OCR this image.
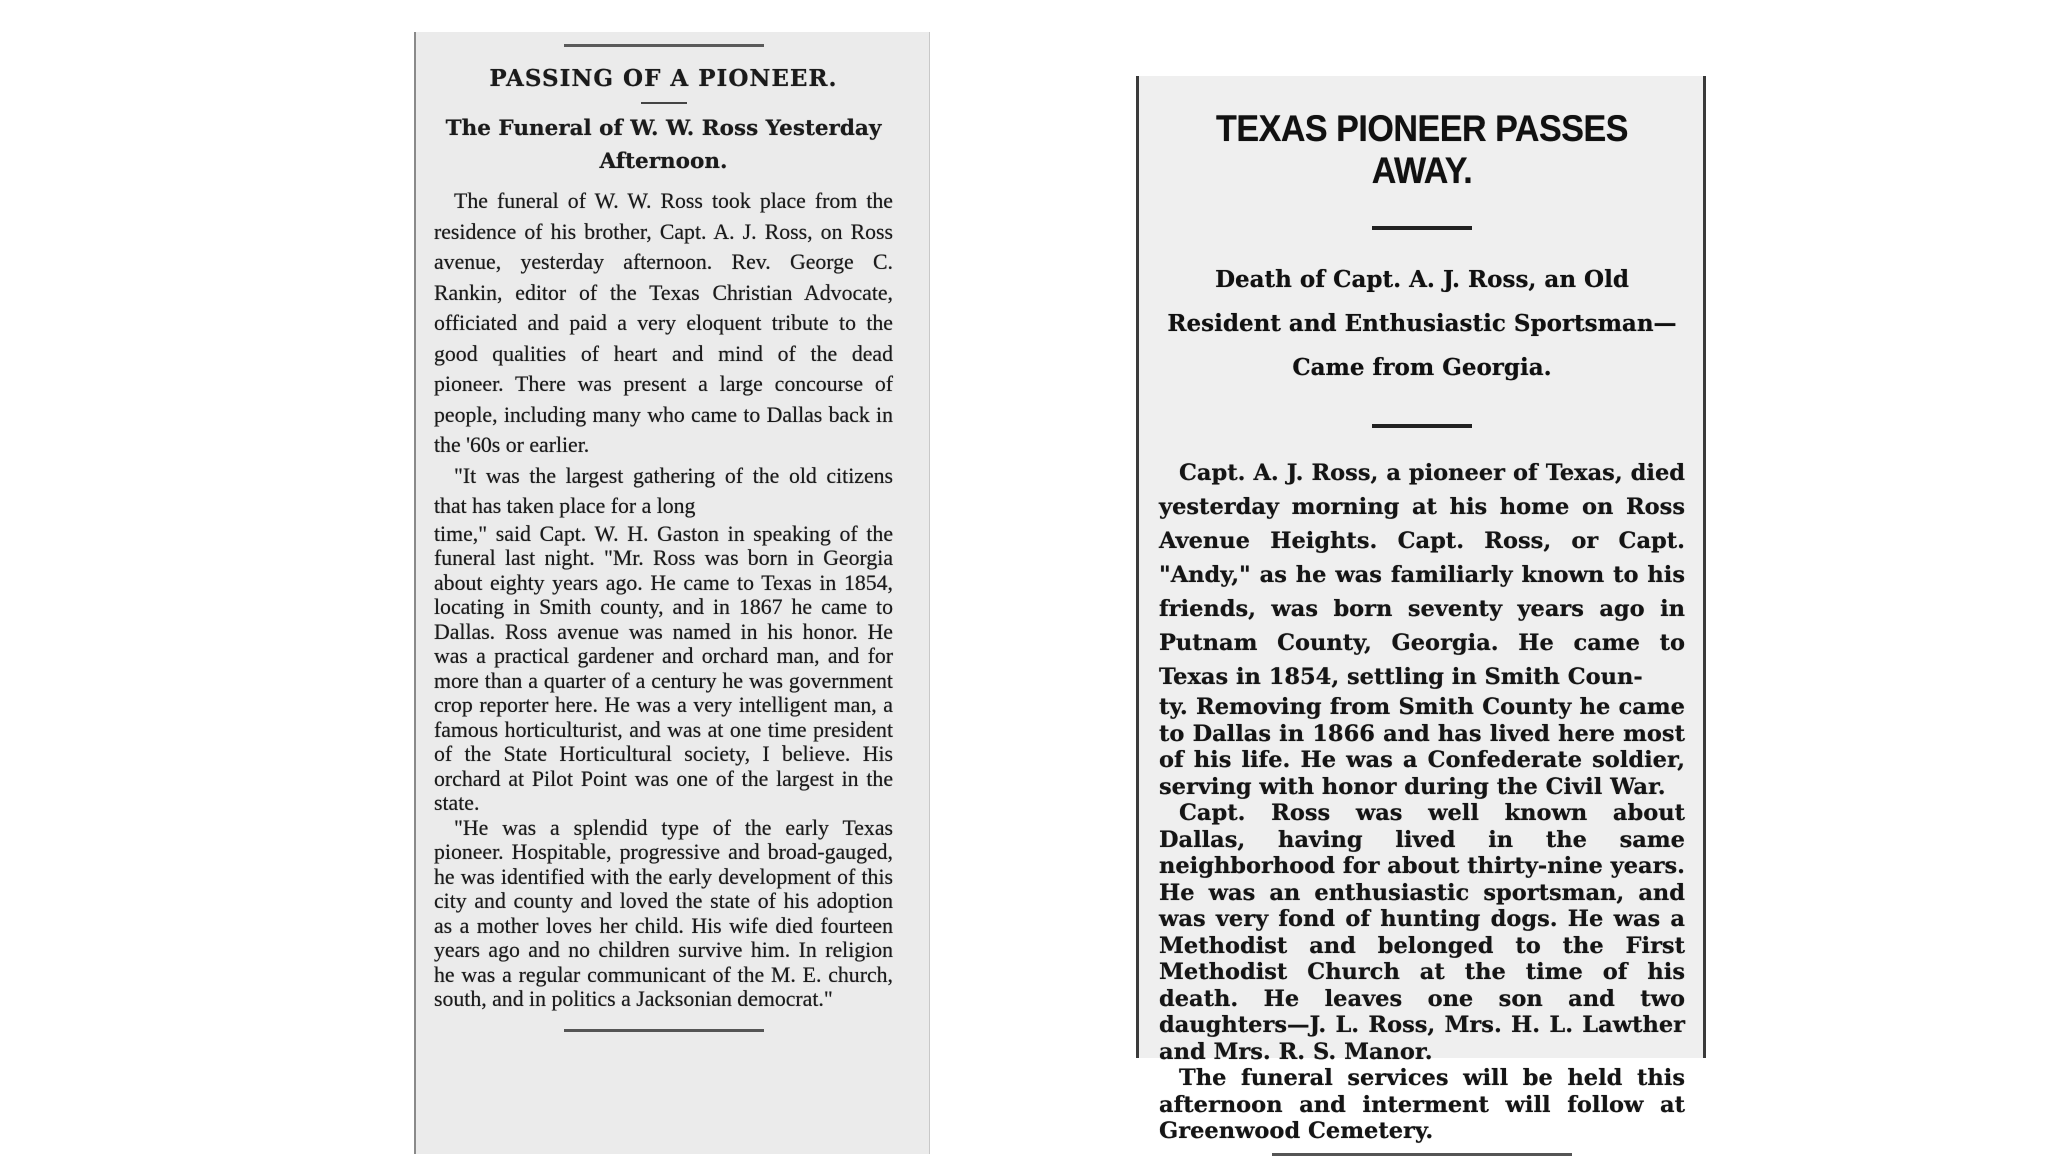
PASSING OF A PIONEER.
The Funeral of W. W. Ross Yesterday Afternoon.

The funeral of W. W. Ross took place from the residence of his brother, Capt. A. J. Ross, on Ross avenue, yesterday afternoon. Rev. George C. Rankin, editor of the Texas Christian Advocate, officiated and paid a very eloquent tribute to the good qualities of heart and mind of the dead pioneer. There was present a large concourse of people, including many who came to Dallas back in the '60s or earlier.

"It was the largest gathering of the old citizens that has taken place for a long

time," said Capt. W. H. Gaston in speaking of the funeral last night. "Mr. Ross was born in Georgia about eighty years ago. He came to Texas in 1854, locating in Smith county, and in 1867 he came to Dallas. Ross avenue was named in his honor. He was a practical gardener and orchard man, and for more than a quarter of a century he was government crop reporter here. He was a very intelligent man, a famous horticulturist, and was at one time president of the State Horticultural society, I believe. His orchard at Pilot Point was one of the largest in the state.

"He was a splendid type of the early Texas pioneer. Hospitable, progressive and broad-gauged, he was identified with the early development of this city and county and loved the state of his adoption as a mother loves her child. His wife died fourteen years ago and no children survive him. In religion he was a regular communicant of the M. E. church, south, and in politics a Jacksonian democrat."

TEXAS PIONEER PASSES AWAY.
Death of Capt. A. J. Ross, an Old Resident and Enthusiastic Sportsman—Came from Georgia.

Capt. A. J. Ross, a pioneer of Texas, died yesterday morning at his home on Ross Avenue Heights. Capt. Ross, or Capt. "Andy," as he was familiarly known to his friends, was born seventy years ago in Putnam County, Georgia. He came to Texas in 1854, settling in Smith Coun-

ty. Removing from Smith County he came to Dallas in 1866 and has lived here most of his life. He was a Confederate soldier, serving with honor during the Civil War.

Capt. Ross was well known about Dallas, having lived in the same neighborhood for about thirty-nine years. He was an enthusiastic sportsman, and was very fond of hunting dogs. He was a Methodist and belonged to the First Methodist Church at the time of his death. He leaves one son and two daughters—J. L. Ross, Mrs. H. L. Lawther and Mrs. R. S. Manor.

The funeral services will be held this afternoon and interment will follow at Greenwood Cemetery.
